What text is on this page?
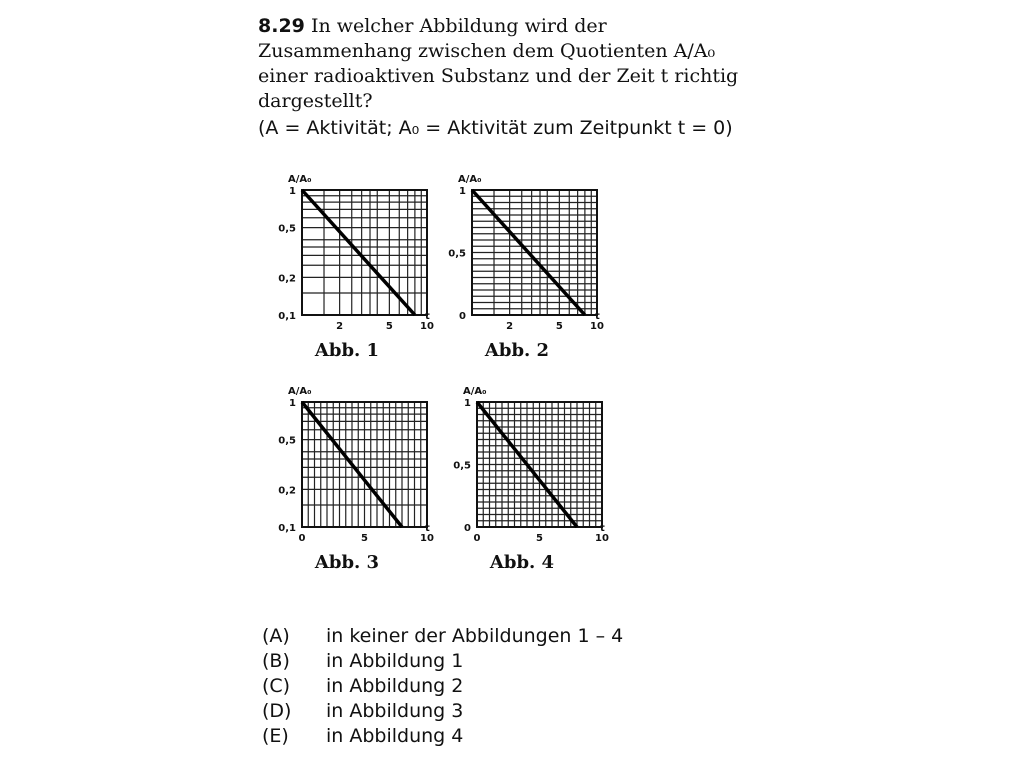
8.29 In welcher Abbildung wird der Zusammenhang zwischen dem Quotienten A/A₀ einer radioaktiven Substanz und der Zeit t richtig dargestellt?

(A = Aktivität; A₀ = Aktivität zum Zeitpunkt t = 0)
1
0,5
0,2
0,1
2	5	10
A/A₀
t
Abb. 1
1
0,5
0
2	5	10
A/A₀
t
Abb. 2
1
0,5
0,2
0,1
0	5	10
A/A₀
t
Abb. 3
1
0,5
0
0	5	10
A/A₀
t
Abb. 4
(A)	in keiner der Abbildungen 1 – 4
(B)	in Abbildung 1
(C)	in Abbildung 2
(D)	in Abbildung 3
(E)	in Abbildung 4
